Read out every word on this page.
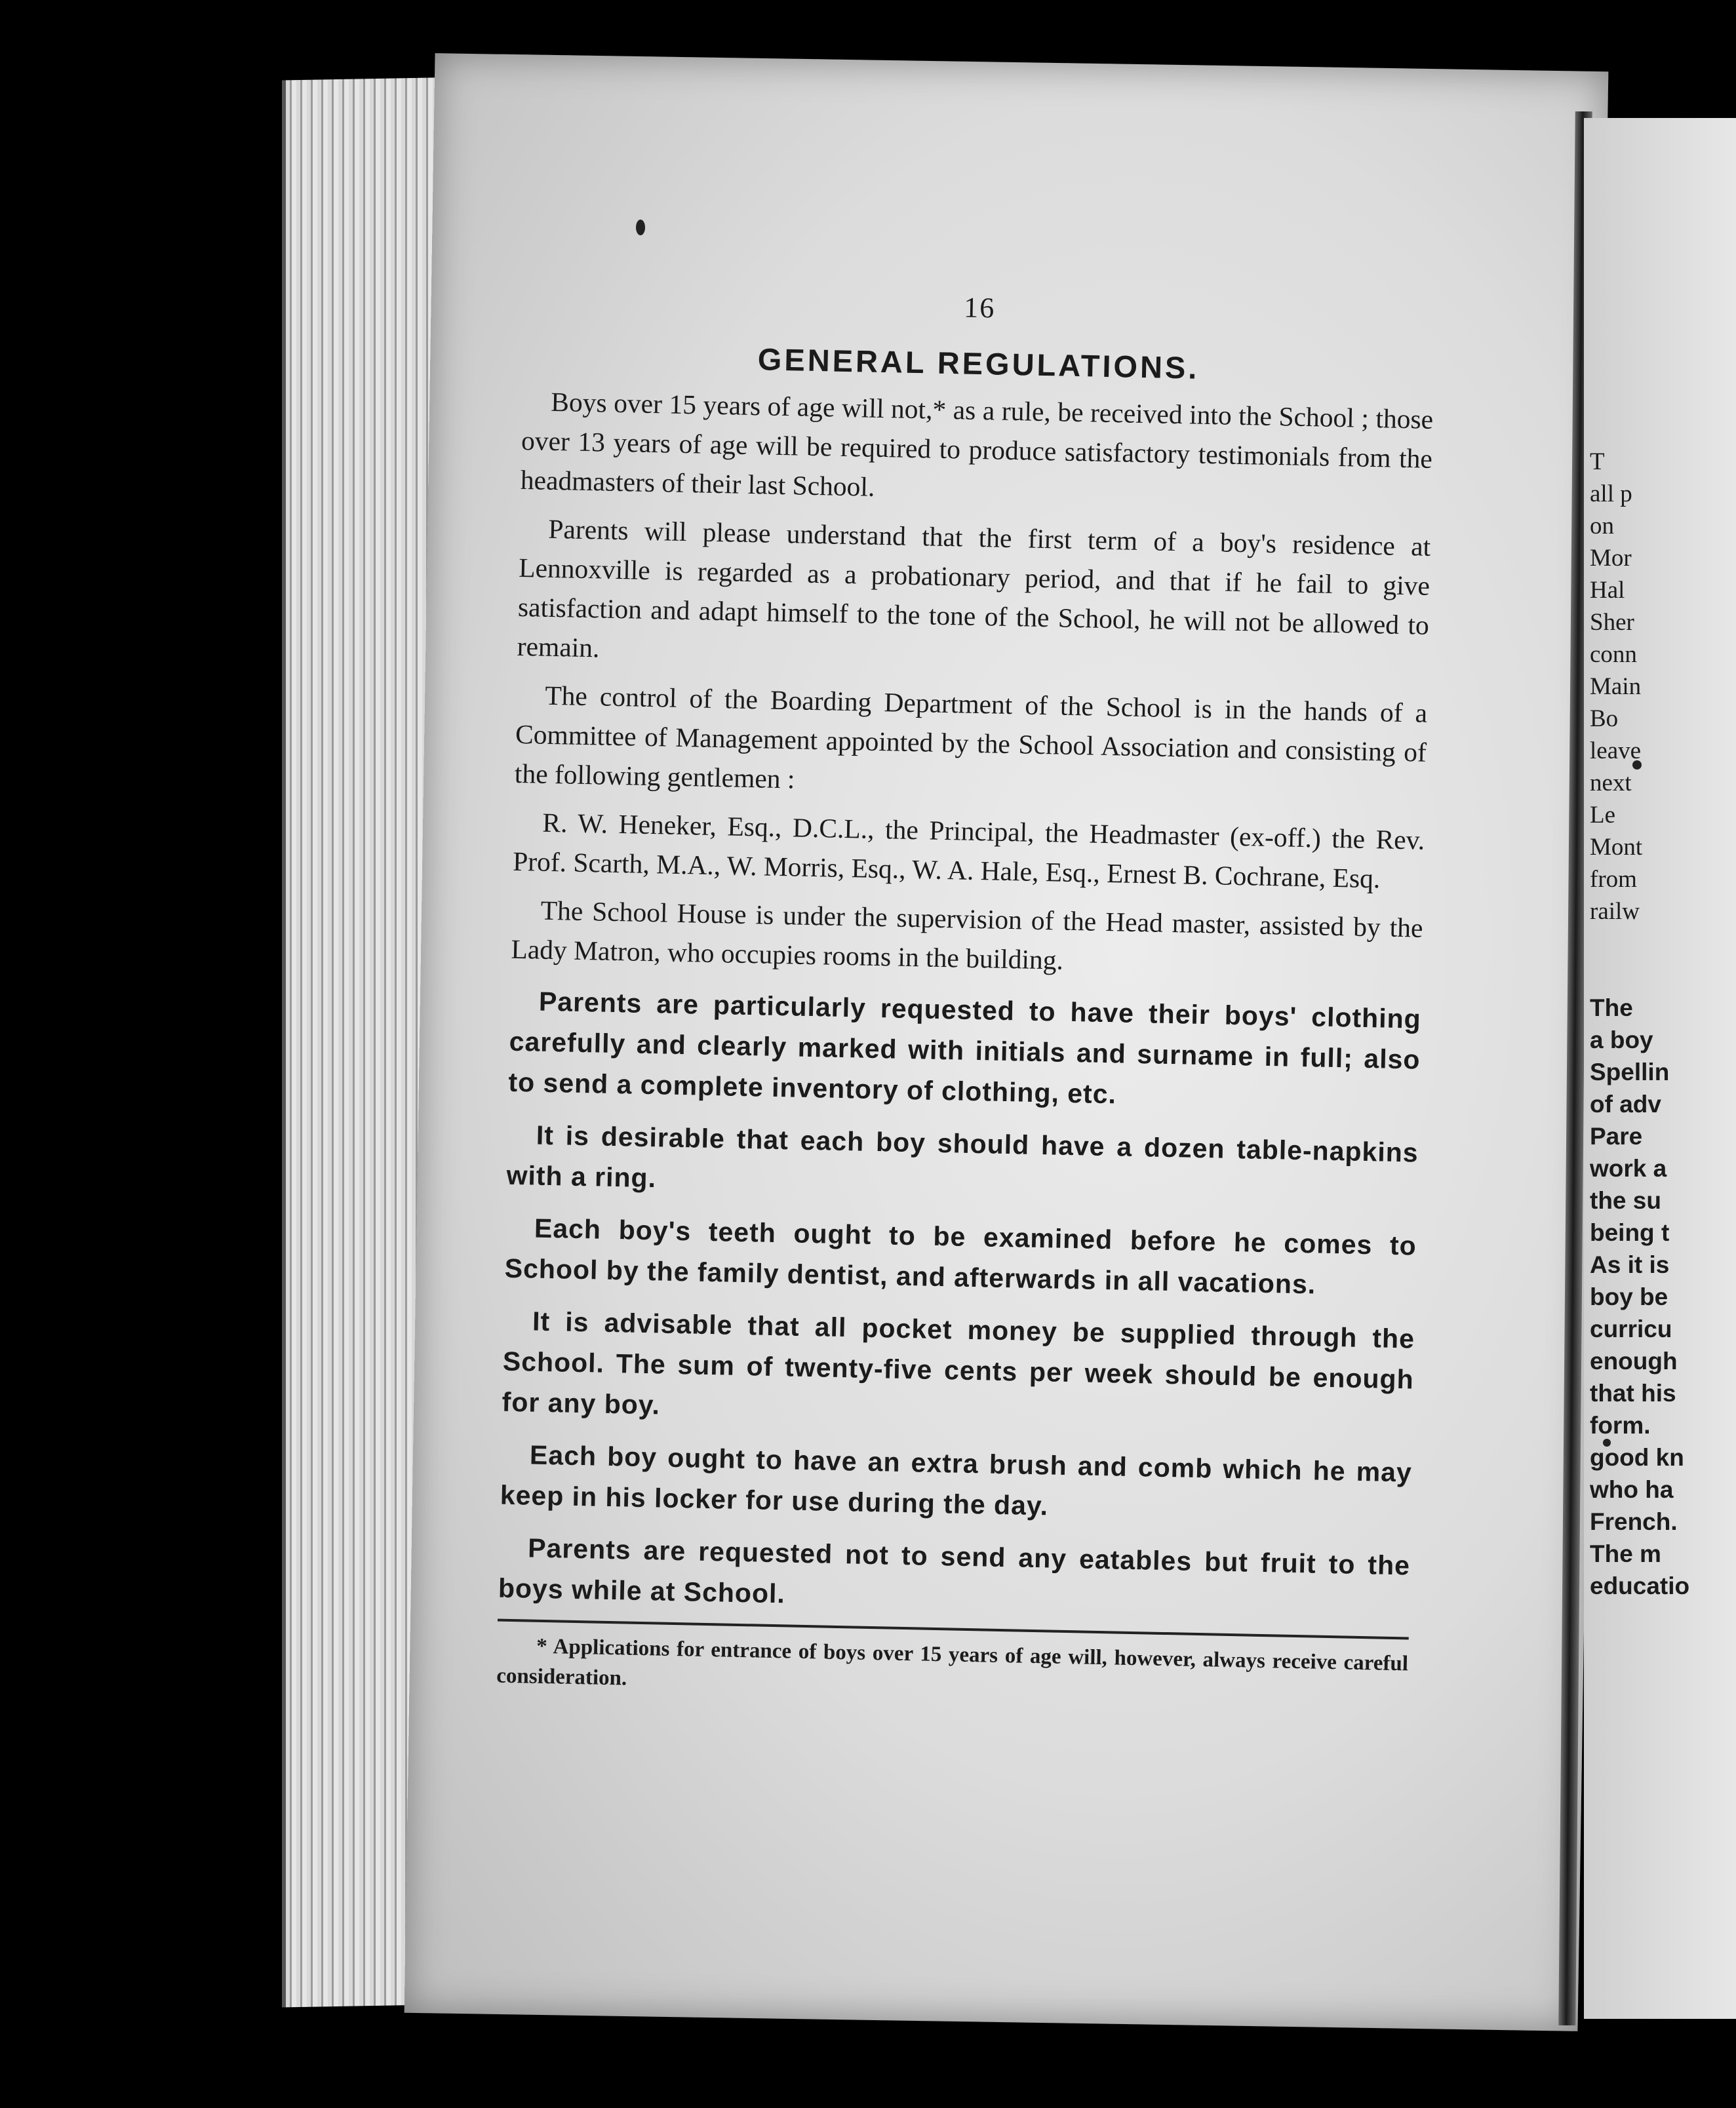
16
GENERAL REGULATIONS.

Boys over 15 years of age will not,* as a rule, be received into the School ; those over 13 years of age will be required to produce satisfactory testimonials from the headmasters of their last School.

Parents will please understand that the first term of a boy's residence at Lennoxville is regarded as a probationary period, and that if he fail to give satisfaction and adapt himself to the tone of the School, he will not be allowed to remain.

The control of the Boarding Department of the School is in the hands of a Committee of Management appointed by the School Association and consisting of the following gentlemen :

R. W. Heneker, Esq., D.C.L., the Principal, the Headmaster (ex-off.) the Rev. Prof. Scarth, M.A., W. Morris, Esq., W. A. Hale, Esq., Ernest B. Cochrane, Esq.

The School House is under the supervision of the Head master, assisted by the Lady Matron, who occupies rooms in the building.

Parents are particularly requested to have their boys' clothing carefully and clearly marked with initials and surname in full; also to send a complete inventory of clothing, etc.

It is desirable that each boy should have a dozen table-napkins with a ring.

Each boy's teeth ought to be examined before he comes to School by the family dentist, and afterwards in all vacations.

It is advisable that all pocket money be supplied through the School. The sum of twenty-five cents per week should be enough for any boy.

Each boy ought to have an extra brush and comb which he may keep in his locker for use during the day.

Parents are requested not to send any eatables but fruit to the boys while at School.

* Applications for entrance of boys over 15 years of age will, however, always receive careful consideration.

T
all p
on
Mor
Hal
Sher
conn
Main
Bo
leave
next
Le
Mont
from
railw
The
a boy
Spellin
of adv
Pare
work a
the su
being t
As it is
boy be
curricu
enough
that his
form.
good kn
who ha
French.
The m
educatio
